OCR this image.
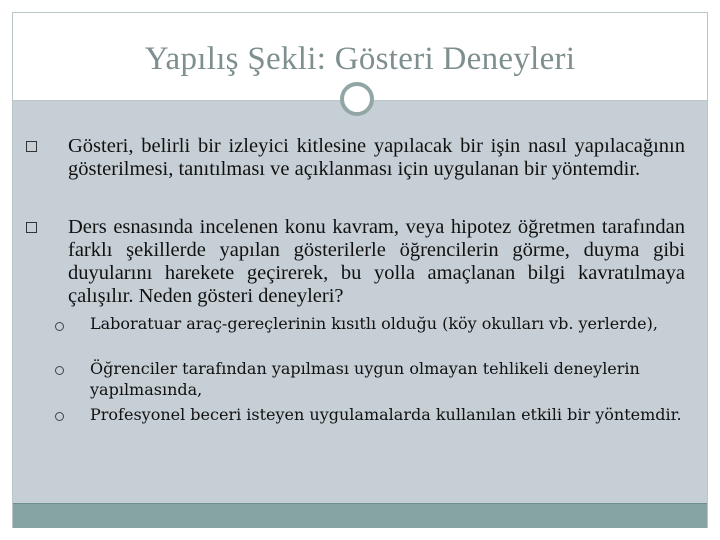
Yapılış Şekli: Gösteri Deneyleri
Gösteri, belirli bir izleyici kitlesine yapılacak bir işin nasıl yapılacağının gösterilmesi, tanıtılması ve açıklanması için uygulanan bir yöntemdir.
Ders esnasında incelenen konu kavram, veya hipotez öğretmen tarafından farklı şekillerde yapılan gösterilerle öğrencilerin görme, duyma gibi duyularını harekete geçirerek, bu yolla amaçlanan bilgi kavratılmaya çalışılır. Neden gösteri deneyleri?
Laboratuar araç-gereçlerinin kısıtlı olduğu (köy okulları vb. yerlerde),
Öğrenciler tarafından yapılması uygun olmayan tehlikeli deneylerin yapılmasında,
Profesyonel beceri isteyen uygulamalarda kullanılan etkili bir yöntemdir.
